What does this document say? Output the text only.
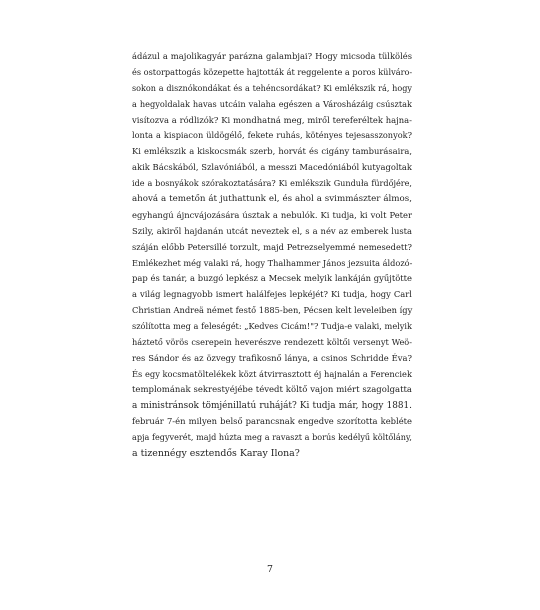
ádázul a majolikagyár parázna galambjai? Hogy micsoda tülkölés
és ostorpattogás közepette hajtották át reggelente a poros külváro-
sokon a disznókondákat és a tehéncsordákat? Ki emlékszik rá, hogy
a hegyoldalak havas utcáin valaha egészen a Városházáig csúsztak
visítozva a ródlizók? Ki mondhatná meg, miről tereferéltek hajna-
lonta a kispiacon üldögélő, fekete ruhás, kötényes tejesasszonyok?
Ki emlékszik a kiskocsmák szerb, horvát és cigány tamburásaira,
akik Bácskából, Szlavóniából, a messzi Macedóniából kutyagoltak
ide a bosnyákok szórakoztatására? Ki emlékszik Gunduła fürdőjére,
ahová a temetőn át juthattunk el, és ahol a svimmászter álmos,
egyhangú ájncvájozására úsztak a nebulók. Ki tudja, ki volt Peter
Szily, akiről hajdanán utcát neveztek el, s a név az emberek lusta
száján előbb Petersillé torzult, majd Petrezselyemmé nemesedett?
Emlékezhet még valaki rá, hogy Thalhammer János jezsuita áldozó-
pap és tanár, a buzgó lepkész a Mecsek melyik lankáján gyűjtötte
a világ legnagyobb ismert halálfejes lepkéjét? Ki tudja, hogy Carl
Christian Andreä német festő 1885-ben, Pécsen kelt leveleiben így
szólította meg a feleségét: „Kedves Cicám!"? Tudja-e valaki, melyik
háztető vörös cserepein heverészve rendezett költői versenyt Weö-
res Sándor és az özvegy trafikosnő lánya, a csinos Schridde Éva?
És egy kocsmatöltelékek közt átvirrasztott éj hajnalán a Ferenciek
templomának sekrestyéjébe tévedt költő vajon miért szagolgatta
a ministránsok tömjénillatú ruháját? Ki tudja már, hogy 1881.
február 7-én milyen belső parancsnak engedve szorította kebléte
apja fegyverét, majd húzta meg a ravaszt a borús kedélyű költőlány,
a tizennégy esztendős Karay Ilona?
7
